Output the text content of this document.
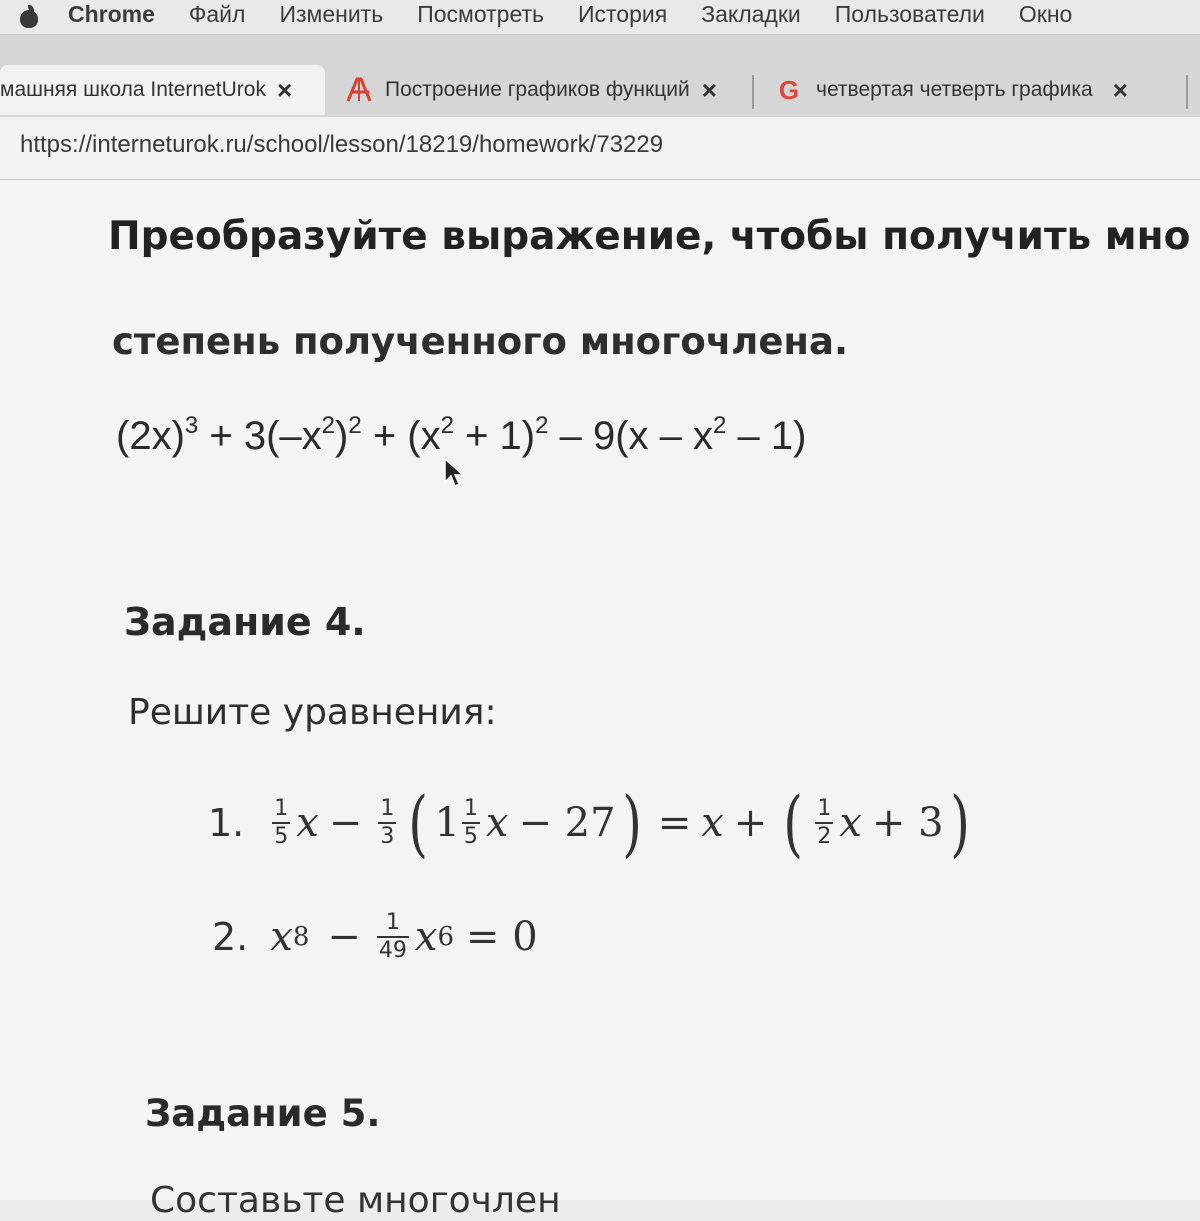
Chrome Файл Изменить Посмотреть История Закладки Пользователи Окно
машняя школа InternetUrok ×	Построение графиков функций × G четвертая четверть графика ×
https://interneturok.ru/school/lesson/18219/homework/73229
Преобразуйте выражение, чтобы получить мно
степень полученного многочлена.
$(2x)^3 + 3(-x^2)^2 + (x^2 + 1)^2 - 9(x - x^2 - 1)$
Задание 4.
Решите уравнения:
1. $\frac{1}{5}$ $x - \frac{1}{3}$ ( $1 \frac{1}{5}$ x − 27 ) = x + ( $\frac{1}{2}$ x + 3 )
2. x $8 - \frac{1}{49}$ x 6 = 0
Задание 5.
Составьте многочлен
